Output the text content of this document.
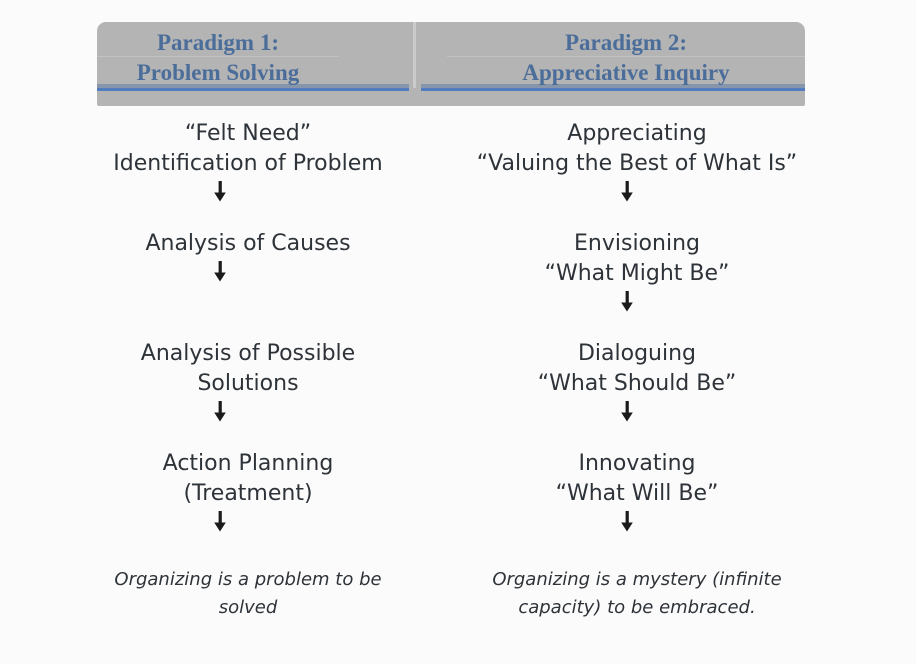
Paradigm 1:
Problem Solving
Paradigm 2:
Appreciative Inquiry
“Felt Need”
Identification of Problem
Analysis of Causes
Analysis of Possible
Solutions
Action Planning
(Treatment)
Organizing is a problem to be solved
Appreciating
“Valuing the Best of What Is”
Envisioning
“What Might Be”
Dialoguing
“What Should Be”
Innovating
“What Will Be”
Organizing is a mystery (infinite capacity) to be embraced.
